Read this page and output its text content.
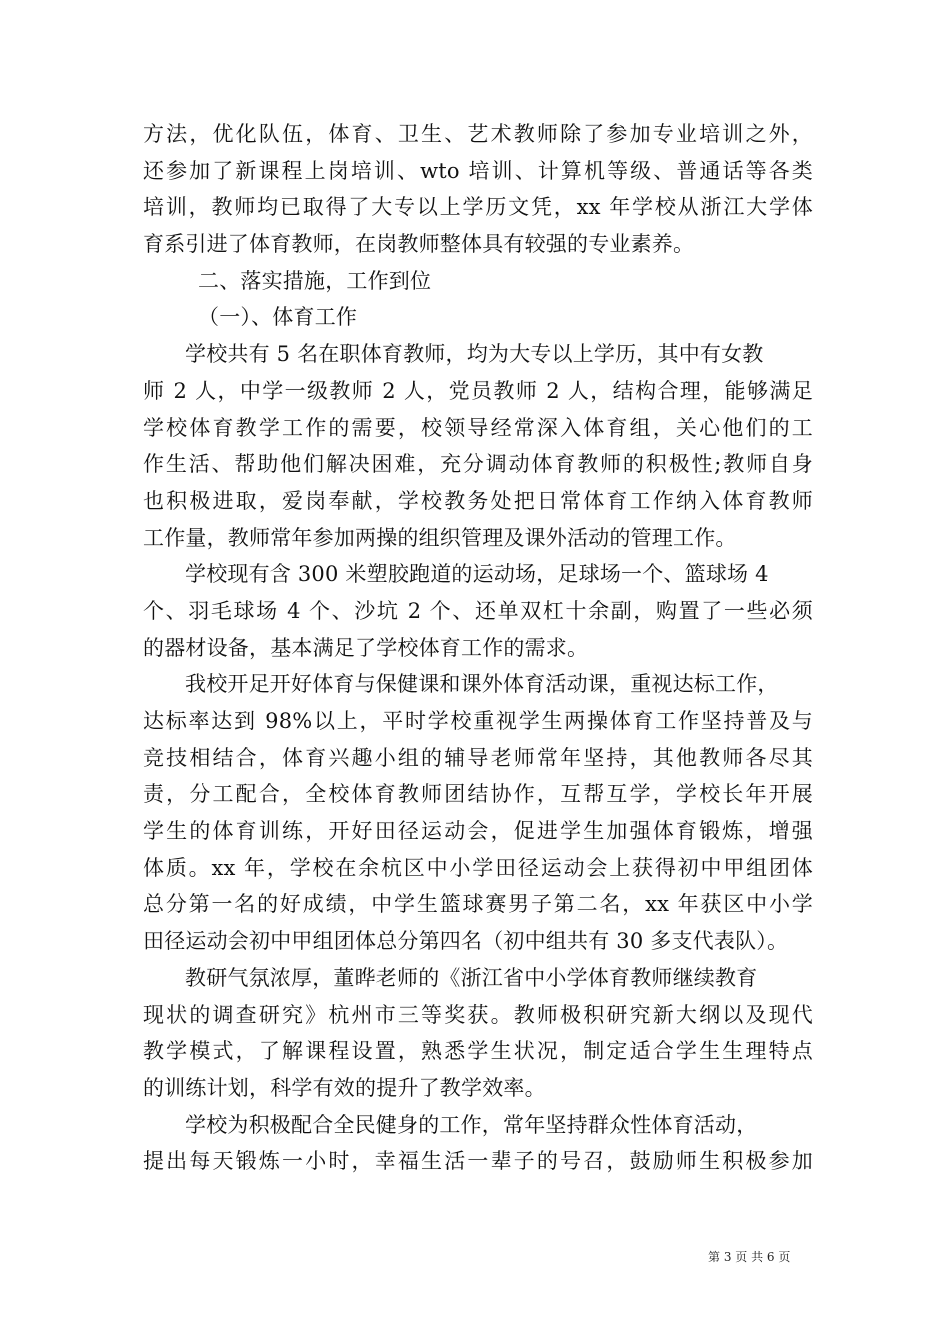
方法，优化队伍，体育、卫生、艺术教师除了参加专业培训之外，
还参加了新课程上岗培训、wto 培训、计算机等级、普通话等各类
培训，教师均已取得了大专以上学历文凭，xx 年学校从浙江大学体
育系引进了体育教师，在岗教师整体具有较强的专业素养。
二、落实措施，工作到位
（一）、体育工作
学校共有 5 名在职体育教师，均为大专以上学历，其中有女教
师 2 人，中学一级教师 2 人，党员教师 2 人，结构合理，能够满足
学校体育教学工作的需要，校领导经常深入体育组，关心他们的工
作生活、帮助他们解决困难，充分调动体育教师的积极性;教师自身
也积极进取，爱岗奉献，学校教务处把日常体育工作纳入体育教师
工作量，教师常年参加两操的组织管理及课外活动的管理工作。
学校现有含 300 米塑胶跑道的运动场，足球场一个、篮球场 4
个、羽毛球场 4 个、沙坑 2 个、还单双杠十余副，购置了一些必须
的器材设备，基本满足了学校体育工作的需求。
我校开足开好体育与保健课和课外体育活动课，重视达标工作，
达标率达到 98%以上，平时学校重视学生两操体育工作坚持普及与
竞技相结合，体育兴趣小组的辅导老师常年坚持，其他教师各尽其
责，分工配合，全校体育教师团结协作，互帮互学，学校长年开展
学生的体育训练，开好田径运动会，促进学生加强体育锻炼，增强
体质。xx 年，学校在余杭区中小学田径运动会上获得初中甲组团体
总分第一名的好成绩，中学生篮球赛男子第二名，xx 年获区中小学
田径运动会初中甲组团体总分第四名（初中组共有 30 多支代表队）。
教研气氛浓厚，董晔老师的《浙江省中小学体育教师继续教育
现状的调查研究》杭州市三等奖获。教师极积研究新大纲以及现代
教学模式，了解课程设置，熟悉学生状况，制定适合学生生理特点
的训练计划，科学有效的提升了教学效率。
学校为积极配合全民健身的工作，常年坚持群众性体育活动，
提出每天锻炼一小时，幸福生活一辈子的号召，鼓励师生积极参加
第 3 页 共 6 页
